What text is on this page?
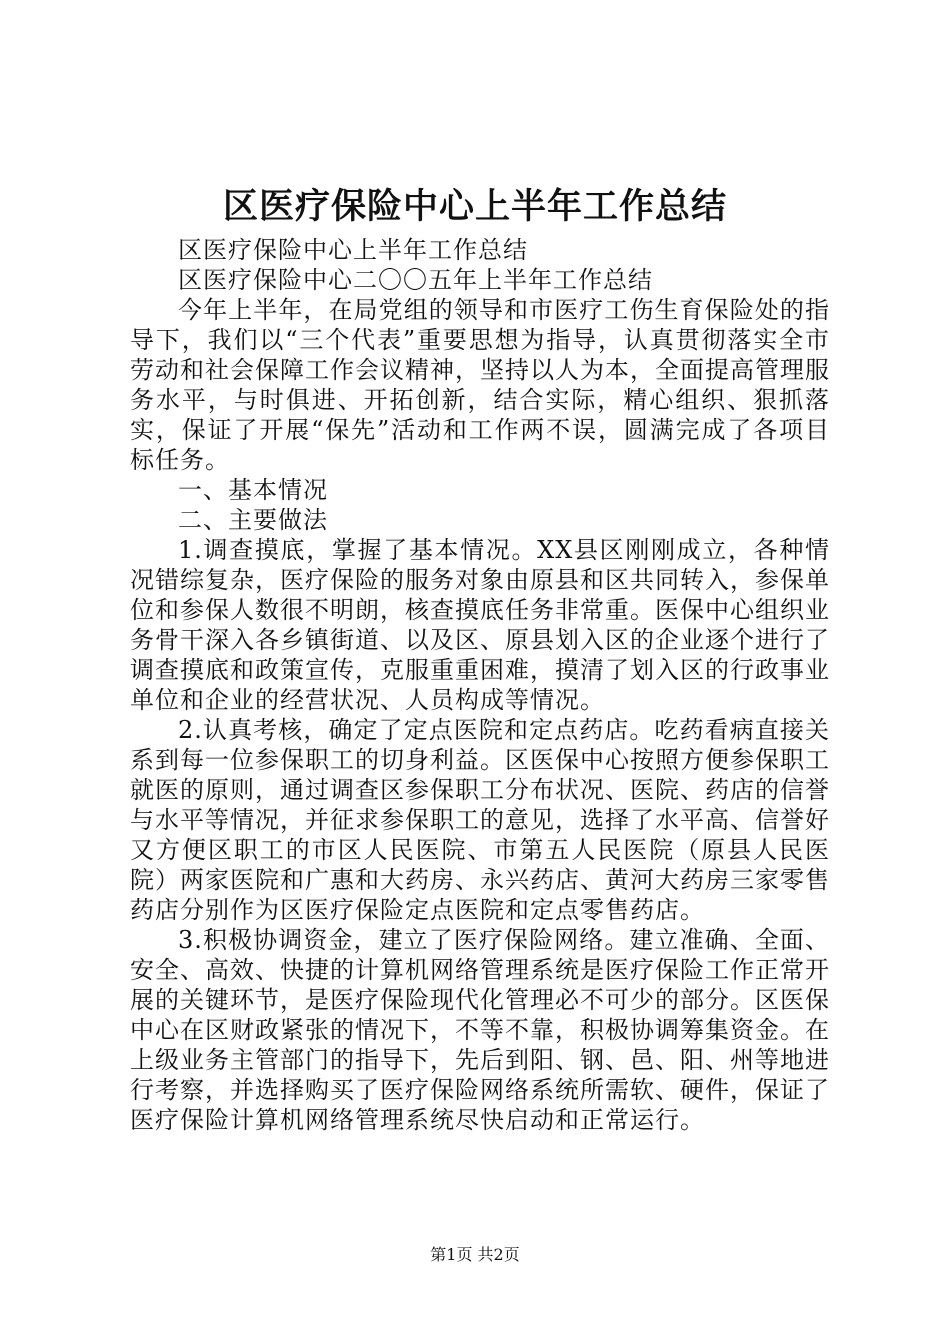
区医疗保险中心上半年工作总结

区医疗保险中心上半年工作总结

区医疗保险中心二〇〇五年上半年工作总结

今年上半年，在局党组的领导和市医疗工伤生育保险处的指导下，我们以“三个代表”重要思想为指导，认真贯彻落实全市劳动和社会保障工作会议精神，坚持以人为本，全面提高管理服务水平，与时俱进、开拓创新，结合实际，精心组织、狠抓落实，保证了开展“保先”活动和工作两不误，圆满完成了各项目标任务。

一、基本情况

二、主要做法

1.调查摸底，掌握了基本情况。XX县区刚刚成立，各种情况错综复杂，医疗保险的服务对象由原县和区共同转入，参保单位和参保人数很不明朗，核查摸底任务非常重。医保中心组织业务骨干深入各乡镇街道、以及区、原县划入区的企业逐个进行了调查摸底和政策宣传，克服重重困难，摸清了划入区的行政事业单位和企业的经营状况、人员构成等情况。

2.认真考核，确定了定点医院和定点药店。吃药看病直接关系到每一位参保职工的切身利益。区医保中心按照方便参保职工就医的原则，通过调查区参保职工分布状况、医院、药店的信誉与水平等情况，并征求参保职工的意见，选择了水平高、信誉好又方便区职工的市区人民医院、市第五人民医院（原县人民医院）两家医院和广惠和大药房、永兴药店、黄河大药房三家零售药店分别作为区医疗保险定点医院和定点零售药店。

3.积极协调资金，建立了医疗保险网络。建立准确、全面、安全、高效、快捷的计算机网络管理系统是医疗保险工作正常开展的关键环节，是医疗保险现代化管理必不可少的部分。区医保中心在区财政紧张的情况下，不等不靠，积极协调筹集资金。在上级业务主管部门的指导下，先后到阳、钢、邑、阳、州等地进行考察，并选择购买了医疗保险网络系统所需软、硬件，保证了医疗保险计算机网络管理系统尽快启动和正常运行。

第1页 共2页
